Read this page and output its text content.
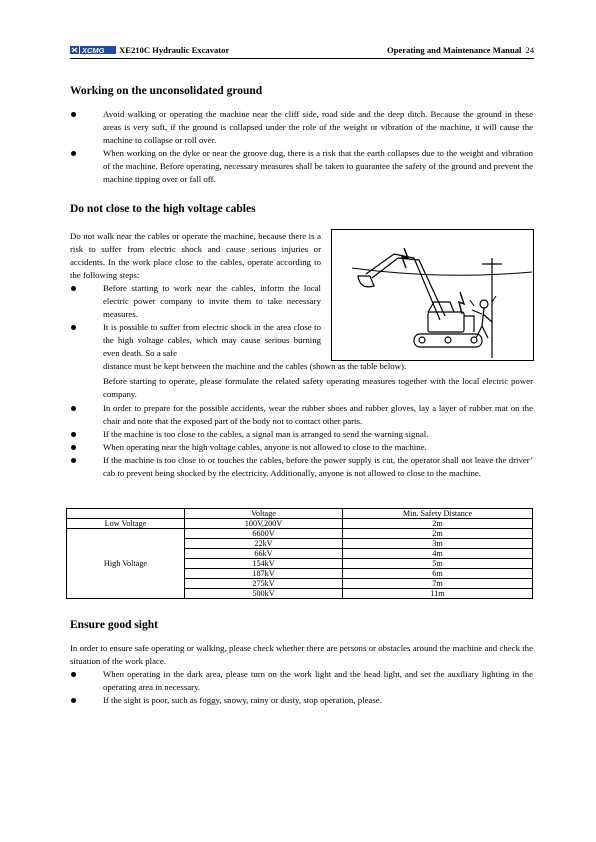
XCMG XE210C Hydraulic Excavator	Operating and Maintenance Manual 24
Working on the unconsolidated ground
Avoid walking or operating the machine near the cliff side, road side and the deep ditch. Because the ground in these areas is very soft, if the ground is collapsed under the role of the weight or vibration of the machine, it will cause the machine to collapse or roll over.
When working on the dyke or near the groove dug, there is a risk that the earth collapses due to the weight and vibration of the machine. Before operating, necessary measures shall be taken to guarantee the safety of the ground and prevent the machine tipping over or fall off.
Do not close to the high voltage cables
Do not walk near the cables or operate the machine, because there is a risk to suffer from electric shock and cause serious injuries or accidents. In the work place close to the cables, operate according to the following steps:
Before starting to work near the cables, inform the local electric power company to invite them to take necessary measures.
It is possible to suffer from electric shock in the area close to the high voltage cables, which may cause serious burning even death. So a safe
distance must be kept between the machine and the cables (shown as the table below).
Before starting to operate, please formulate the related safety operating measures together with the local electric power company.
In order to prepare for the possible accidents, wear the rubber shoes and rubber gloves, lay a layer of rubber mat on the chair and note that the exposed part of the body not to contact other parts.
If the machine is too close to the cables, a signal man is arranged to send the warning signal.
When operating near the high voltage cables, anyone is not allowed to close to the machine.
If the machine is too close to or touches the cables, before the power supply is cut, the operator shall not leave the driver’ cab to prevent being shocked by the electricity. Additionally, anyone is not allowed to close to the machine.
	Voltage	Min. Safety Distance
Low Voltage	100V,200V	2m
High Voltage	6600V	2m
	22kV	3m
	66kV	4m
	154kV	5m
	187kV	6m
	275kV	7m
	500kV	11m
Ensure good sight
In order to ensure safe operating or walking, please check whether there are persons or obstacles around the machine and check the situation of the work place.
When operating in the dark area, please turn on the work light and the head light, and set the auxiliary lighting in the operating area in necessary.
If the sight is poor, such as foggy, snowy, rainy or dusty, stop operation, please.
